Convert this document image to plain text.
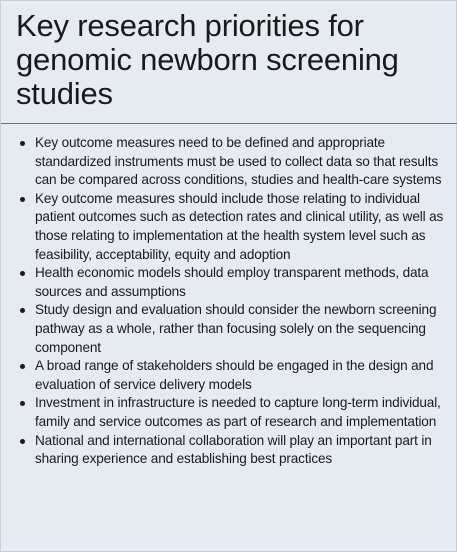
Key research priorities for genomic newborn screening studies
Key outcome measures need to be defined and appropriate standardized instruments must be used to collect data so that results can be compared across conditions, studies and health-care systems
Key outcome measures should include those relating to individual patient outcomes such as detection rates and clinical utility, as well as those relating to implementation at the health system level such as feasibility, acceptability, equity and adoption
Health economic models should employ transparent methods, data sources and assumptions
Study design and evaluation should consider the newborn screening pathway as a whole, rather than focusing solely on the sequencing component
A broad range of stakeholders should be engaged in the design and evaluation of service delivery models
Investment in infrastructure is needed to capture long-term individual, family and service outcomes as part of research and implementation
National and international collaboration will play an important part in sharing experience and establishing best practices
